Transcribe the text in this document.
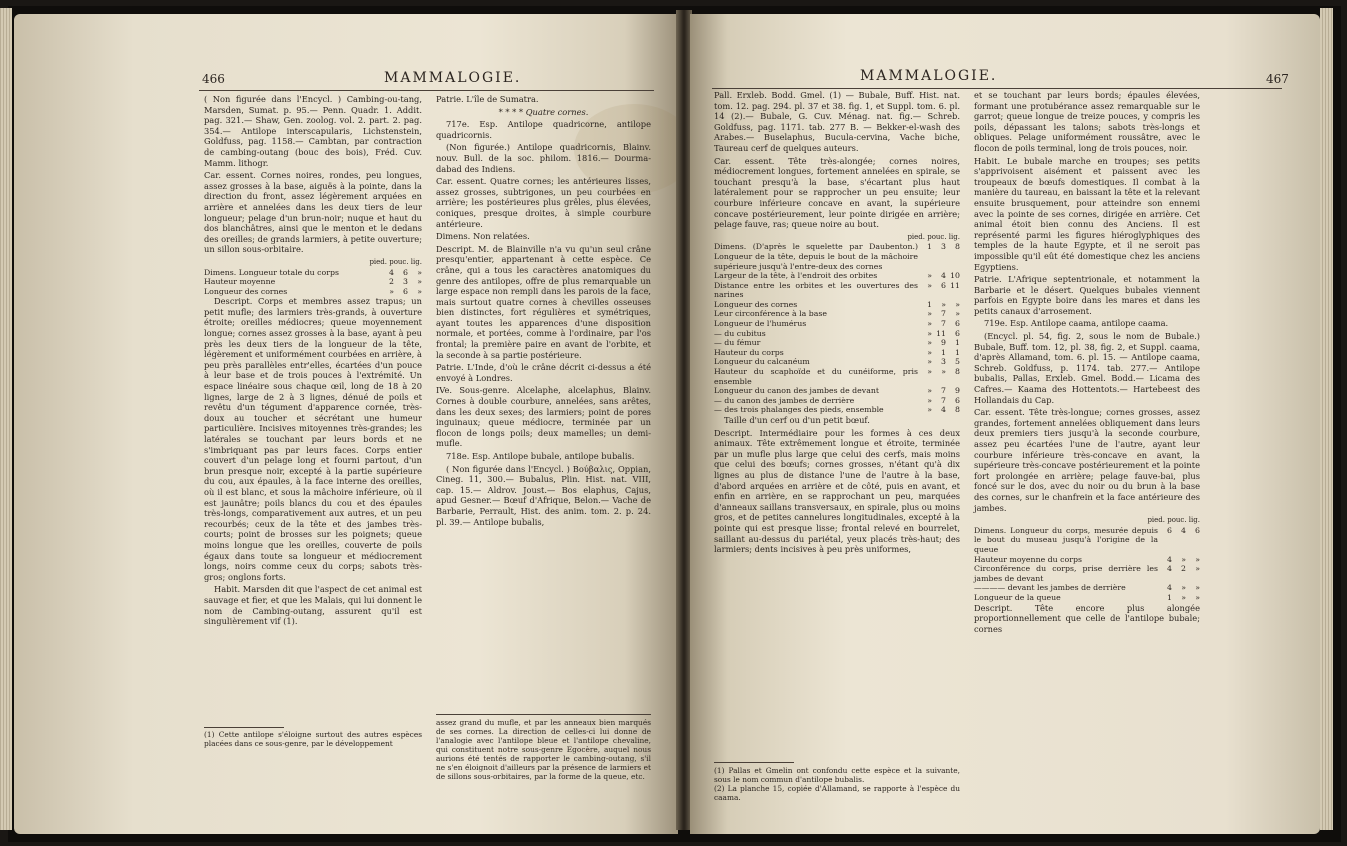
466	MAMMALOGIE.

( Non figurée dans l'Encycl. ) Cambing-ou-tang, Marsden, Sumat. p. 95.— Penn. Quadr. 1. Addit. pag. 321.— Shaw, Gen. zoolog. vol. 2. part. 2. pag. 354.— Antilope interscapularis, Lichstenstein, Goldfuss, pag. 1158.— Cambtan, par contraction de cambing-outang (bouc des bois), Fréd. Cuv. Mamm. lithogr.

Car. essent. Cornes noires, rondes, peu longues, assez grosses à la base, aiguës à la pointe, dans la direction du front, assez légèrement arquées en arrière et annelées dans les deux tiers de leur longueur; pelage d'un brun-noir; nuque et haut du dos blanchâtres, ainsi que le menton et le dedans des oreilles; de grands larmiers, à petite ouverture; un sillon sous-orbitaire.

pied. pouc. lig.
Dimens. Longueur totale du corps	4	6	»
Hauteur moyenne	2	3	»
Longueur des cornes	»	6	»

Descript. Corps et membres assez trapus; un petit mufle; des larmiers très-grands, à ouverture étroite; oreilles médiocres; queue moyennement longue; cornes assez grosses à la base, ayant à peu près les deux tiers de la longueur de la tête, légèrement et uniformément courbées en arrière, à peu près parallèles entr'elles, écartées d'un pouce à leur base et de trois pouces à l'extrémité. Un espace linéaire sous chaque œil, long de 18 à 20 lignes, large de 2 à 3 lignes, dénué de poils et revêtu d'un tégument d'apparence cornée, très-doux au toucher et sécrétant une humeur particulière. Incisives mitoyennes très-grandes; les latérales se touchant par leurs bords et ne s'imbriquant pas par leurs faces. Corps entier couvert d'un pelage long et fourni partout, d'un brun presque noir, excepté à la partie supérieure du cou, aux épaules, à la face interne des oreilles, où il est blanc, et sous la mâchoire inférieure, où il est jaunâtre; poils blancs du cou et des épaules très-longs, comparativement aux autres, et un peu recourbés; ceux de la tête et des jambes très-courts; point de brosses sur les poignets; queue moins longue que les oreilles, couverte de poils égaux dans toute sa longueur et médiocrement longs, noirs comme ceux du corps; sabots très-gros; onglons forts.

Habit. Marsden dit que l'aspect de cet animal est sauvage et fier, et que les Malais, qui lui donnent le nom de Cambing-outang, assurent qu'il est singulièrement vif (1).

(1) Cette antilope s'éloigne surtout des autres espèces placées dans ce sous-genre, par le développement

Patrie. L'île de Sumatra.

* * * * Quatre cornes.

717e. Esp. Antilope quadricorne, antilope quadricornis.

(Non figurée.) Antilope quadricornis, Blainv. nouv. Bull. de la soc. philom. 1816.— Dourma-dabad des Indiens.

Car. essent. Quatre cornes; les antérieures lisses, assez grosses, subtrigones, un peu courbées en arrière; les postérieures plus grêles, plus élevées, coniques, presque droites, à simple courbure antérieure.

Dimens. Non relatées.

Descript. M. de Blainville n'a vu qu'un seul crâne presqu'entier, appartenant à cette espèce. Ce crâne, qui a tous les caractères anatomiques du genre des antilopes, offre de plus remarquable un large espace non rempli dans les parois de la face, mais surtout quatre cornes à chevilles osseuses bien distinctes, fort régulières et symétriques, ayant toutes les apparences d'une disposition normale, et portées, comme à l'ordinaire, par l'os frontal; la première paire en avant de l'orbite, et la seconde à sa partie postérieure.

Patrie. L'Inde, d'où le crâne décrit ci-dessus a été envoyé à Londres.

IVe. Sous-genre. Alcelaphe, alcelaphus, Blainv. Cornes à double courbure, annelées, sans arêtes, dans les deux sexes; des larmiers; point de pores inguinaux; queue médiocre, terminée par un flocon de longs poils; deux mamelles; un demi-mufle.

718e. Esp. Antilope bubale, antilope bubalis.

( Non figurée dans l'Encycl. ) Βούβαλις, Oppian, Cineg. 11, 300.— Bubalus, Plin. Hist. nat. VIII, cap. 15.— Aldrov. Joust.— Bos elaphus, Cajus, apud Gesner.— Bœuf d'Afrique, Belon.— Vache de Barbarie, Perrault, Hist. des anim. tom. 2. p. 24. pl. 39.— Antilope bubalis,

assez grand du mufle, et par les anneaux bien marqués de ses cornes. La direction de celles-ci lui donne de l'analogie avec l'antilope bleue et l'antilope chevaline, qui constituent notre sous-genre Egocère, auquel nous aurions été tentés de rapporter le cambing-outang, s'il ne s'en éloignoit d'ailleurs par la présence de larmiers et de sillons sous-orbitaires, par la forme de la queue, etc.
MAMMALOGIE.	467

Pall. Erxleb. Bodd. Gmel. (1) — Bubale, Buff. Hist. nat. tom. 12. pag. 294. pl. 37 et 38. fig. 1, et Suppl. tom. 6. pl. 14 (2).— Bubale, G. Cuv. Ménag. nat. fig.— Schreb. Goldfuss, pag. 1171. tab. 277 B. — Bekker-el-wash des Arabes.— Buselaphus, Bucula-cervina, Vache biche, Taureau cerf de quelques auteurs.

Car. essent. Tête très-alongée; cornes noires, médiocrement longues, fortement annelées en spirale, se touchant presqu'à la base, s'écartant plus haut latéralement pour se rapprocher un peu ensuite; leur courbure inférieure concave en avant, la supérieure concave postérieurement, leur pointe dirigée en arrière; pelage fauve, ras; queue noire au bout.

pied. pouc. lig.
Dimens. (D'après le squelette par Daubenton.) Longueur de la tête, depuis le bout de la mâchoire supérieure jusqu'à l'entre-deux des cornes	1	3	8
Largeur de la tête, à l'endroit des orbites	»	4	10
Distance entre les orbites et les ouvertures des narines	»	6	11
Longueur des cornes	1	»	»
Leur circonférence à la base	»	7	»
Longueur de l'humérus	»	7	6
— du cubitus	»	11	6
— du fémur	»	9	1
Hauteur du corps	»	1	1
Longueur du calcanéum	»	3	5
Hauteur du scaphoïde et du cunéiforme, pris ensemble	»	»	8
Longueur du canon des jambes de devant	»	7	9
— du canon des jambes de derrière	»	7	6
— des trois phalanges des pieds, ensemble	»	4	8

Taille d'un cerf ou d'un petit bœuf.

Descript. Intermédiaire pour les formes à ces deux animaux. Tête extrêmement longue et étroite, terminée par un mufle plus large que celui des cerfs, mais moins que celui des bœufs; cornes grosses, n'étant qu'à dix lignes au plus de distance l'une de l'autre à la base, d'abord arquées en arrière et de côté, puis en avant, et enfin en arrière, en se rapprochant un peu, marquées d'anneaux saillans transversaux, en spirale, plus ou moins gros, et de petites cannelures longitudinales, excepté à la pointe qui est presque lisse; frontal relevé en bourrelet, saillant au-dessus du pariétal, yeux placés très-haut; des larmiers; dents incisives à peu près uniformes,

(1) Pallas et Gmelin ont confondu cette espèce et la suivante, sous le nom commun d'antilope bubalis.
(2) La planche 15, copiée d'Allamand, se rapporte à l'espèce du caama.

et se touchant par leurs bords; épaules élevées, formant une protubérance assez remarquable sur le garrot; queue longue de treize pouces, y compris les poils, dépassant les talons; sabots très-longs et obliques. Pelage uniformément roussâtre, avec le flocon de poils terminal, long de trois pouces, noir.

Habit. Le bubale marche en troupes; ses petits s'apprivoisent aisément et paissent avec les troupeaux de bœufs domestiques. Il combat à la manière du taureau, en baissant la tête et la relevant ensuite brusquement, pour atteindre son ennemi avec la pointe de ses cornes, dirigée en arrière. Cet animal étoit bien connu des Anciens. Il est représenté parmi les figures hiéroglyphiques des temples de la haute Egypte, et il ne seroit pas impossible qu'il eût été domestique chez les anciens Egyptiens.

Patrie. L'Afrique septentrionale, et notamment la Barbarie et le désert. Quelques bubales viennent parfois en Egypte boire dans les mares et dans les petits canaux d'arrosement.

719e. Esp. Antilope caama, antilope caama.

(Encycl. pl. 54, fig. 2, sous le nom de Bubale.) Bubale, Buff. tom. 12, pl. 38, fig. 2, et Suppl. caama, d'après Allamand, tom. 6. pl. 15. — Antilope caama, Schreb. Goldfuss, p. 1174. tab. 277.— Antilope bubalis, Pallas, Erxleb. Gmel. Bodd.— Licama des Cafres.— Kaama des Hottentots.— Hartebeest des Hollandais du Cap.

Car. essent. Tête très-longue; cornes grosses, assez grandes, fortement annelées obliquement dans leurs deux premiers tiers jusqu'à la seconde courbure, assez peu écartées l'une de l'autre, ayant leur courbure inférieure très-concave en avant, la supérieure très-concave postérieurement et la pointe fort prolongée en arrière; pelage fauve-bai, plus foncé sur le dos, avec du noir ou du brun à la base des cornes, sur le chanfrein et la face antérieure des jambes.

pied. pouc. lig.
Dimens. Longueur du corps, mesurée depuis le bout du museau jusqu'à l'origine de la queue	6	4	6
Hauteur moyenne du corps	4	»	»
Circonférence du corps, prise derrière les jambes de devant	4	2	»
———— devant les jambes de derrière	4	»	»
Longueur de la queue	1	»	»

Descript. Tête encore plus alongée proportionnellement que celle de l'antilope bubale; cornes
